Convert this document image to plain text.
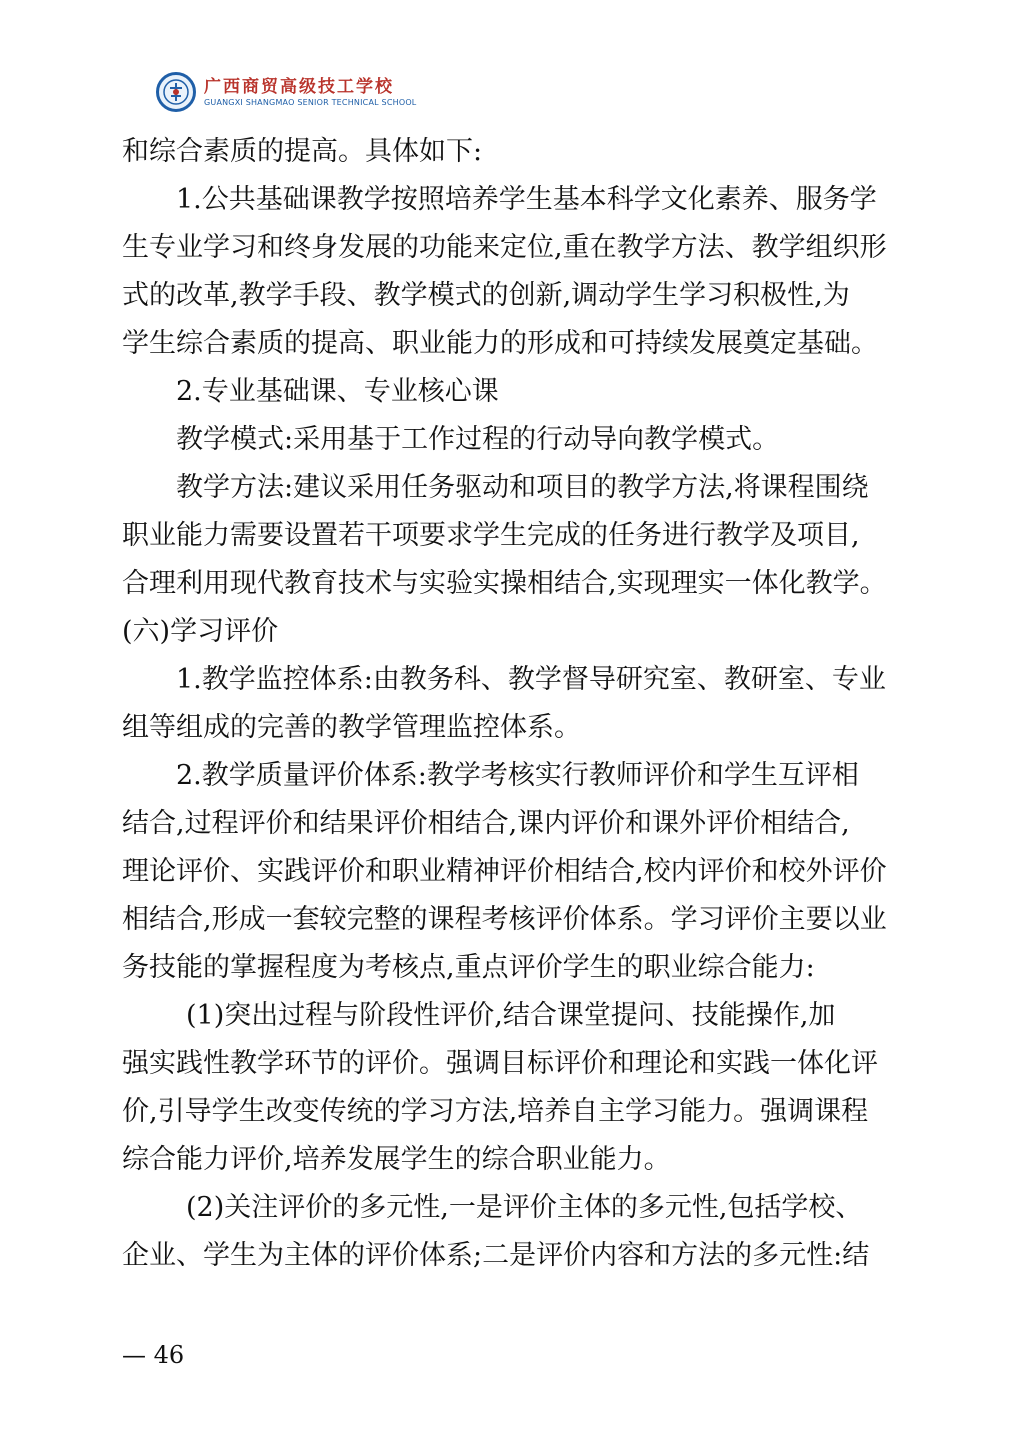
广西商贸高级技工学校
GUANGXI SHANGMAO SENIOR TECHNICAL SCHOOL

和综合素质的提高。具体如下:

1.公共基础课教学按照培养学生基本科学文化素养、服务学

生专业学习和终身发展的功能来定位,重在教学方法、教学组织形

式的改革,教学手段、教学模式的创新,调动学生学习积极性,为

学生综合素质的提高、职业能力的形成和可持续发展奠定基础。

2.专业基础课、专业核心课

教学模式:采用基于工作过程的行动导向教学模式。

教学方法:建议采用任务驱动和项目的教学方法,将课程围绕

职业能力需要设置若干项要求学生完成的任务进行教学及项目,

合理利用现代教育技术与实验实操相结合,实现理实一体化教学。

(六)学习评价

1.教学监控体系:由教务科、教学督导研究室、教研室、专业

组等组成的完善的教学管理监控体系。

2.教学质量评价体系:教学考核实行教师评价和学生互评相

结合,过程评价和结果评价相结合,课内评价和课外评价相结合,

理论评价、实践评价和职业精神评价相结合,校内评价和校外评价

相结合,形成一套较完整的课程考核评价体系。学习评价主要以业

务技能的掌握程度为考核点,重点评价学生的职业综合能力:

(1)突出过程与阶段性评价,结合课堂提问、技能操作,加

强实践性教学环节的评价。强调目标评价和理论和实践一体化评

价,引导学生改变传统的学习方法,培养自主学习能力。强调课程

综合能力评价,培养发展学生的综合职业能力。

(2)关注评价的多元性,一是评价主体的多元性,包括学校、

企业、学生为主体的评价体系;二是评价内容和方法的多元性:结

— 46
